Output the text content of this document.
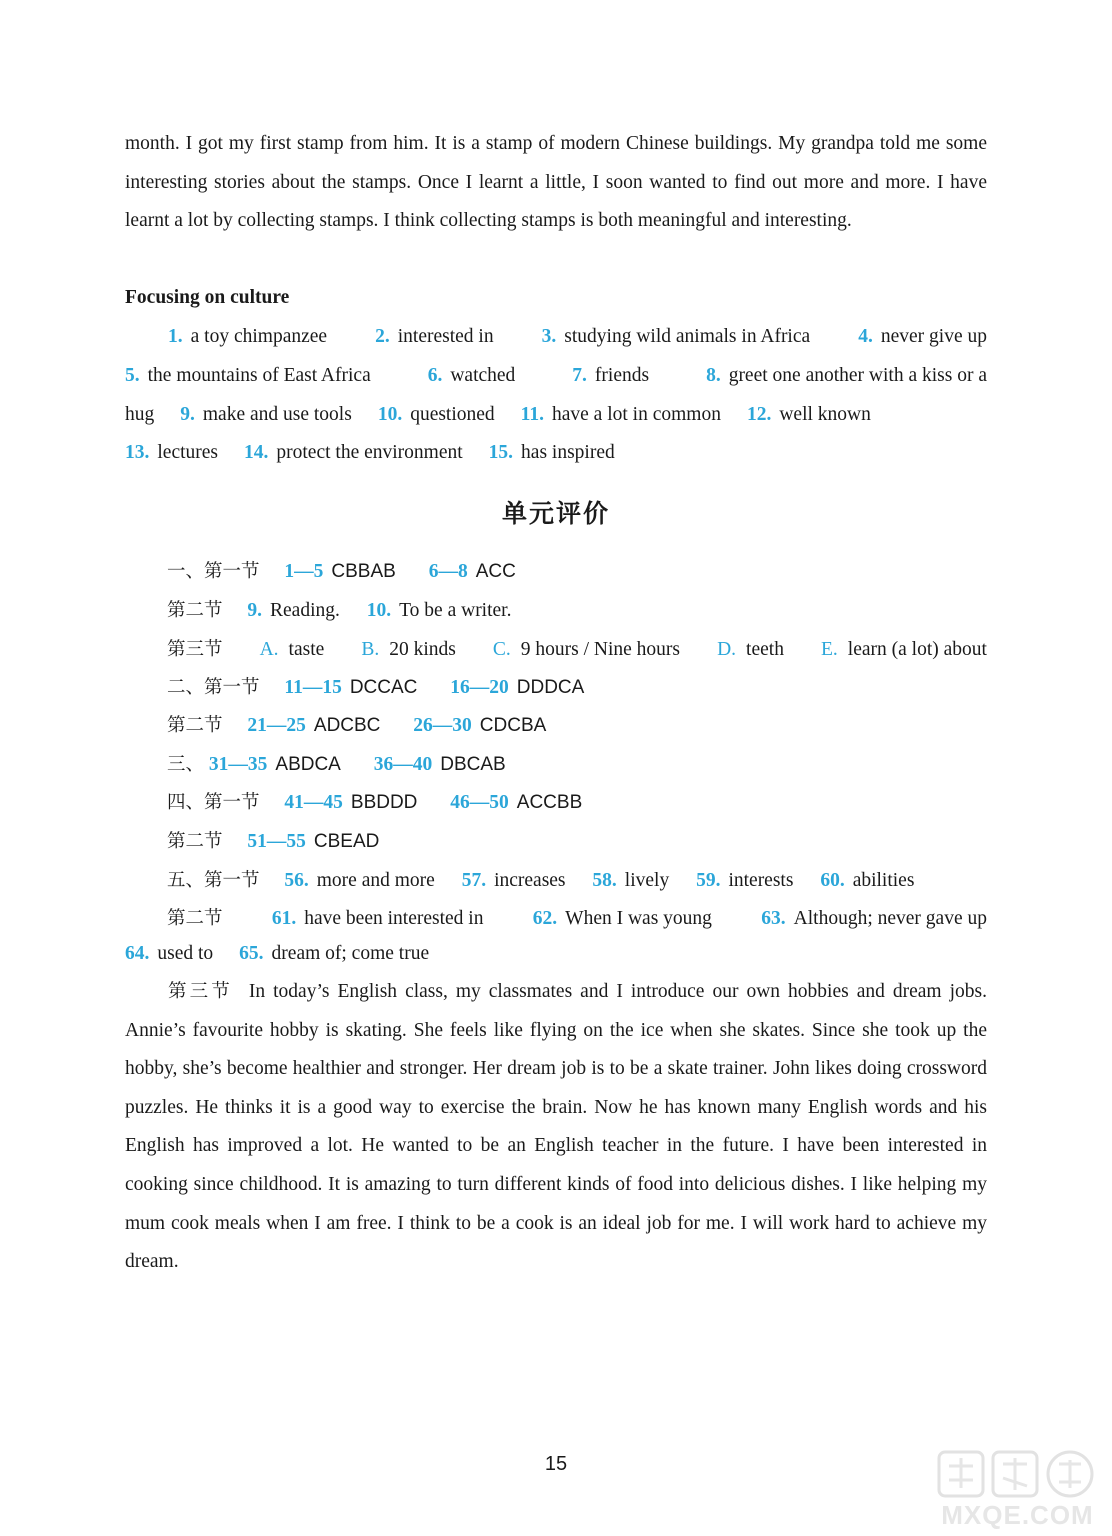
month. I got my first stamp from him. It is a stamp of modern Chinese buildings. My grandpa told me some interesting stories about the stamps. Once I learnt a little, I soon wanted to find out more and more. I have learnt a lot by collecting stamps. I think collecting stamps is both meaningful and interesting.

Focusing on culture
1. a toy chimpanzee 2. interested in 3. studying wild animals in Africa 4. never give up
5. the mountains of East Africa	6. watched	7. friends	8. greet one another with a kiss or a
hug 9. make and use tools 10. questioned 11. have a lot in common 12. well known
13. lectures 14. protect the environment 15. has inspired
单元评价
一、第一节 1—5 CBBAB 6—8 ACC
第二节 9. Reading. 10. To be a writer.
第三节 A. taste B. 20 kinds C. 9 hours / Nine hours D. teeth E. learn (a lot) about
二、第一节 11—15 DCCAC 16—20 DDDCA
第二节 21—25 ADCBC 26—30 CDCBA
三、 31—35 ABDCA 36—40 DBCAB
四、第一节 41—45 BBDDD 46—50 ACCBB
第二节 51—55 CBEAD
五、第一节 56. more and more 57. increases 58. lively 59. interests 60. abilities
第二节	61. have been interested in	62. When I was young	63. Although; never gave up
64. used to 65. dream of; come true

第三节 In today’s English class, my classmates and I introduce our own hobbies and dream jobs. Annie’s favourite hobby is skating. She feels like flying on the ice when she skates. Since she took up the hobby, she’s become healthier and stronger. Her dream job is to be a skate trainer. John likes doing crossword puzzles. He thinks it is a good way to exercise the brain. Now he has known many English words and his English has improved a lot. He wanted to be an English teacher in the future. I have been interested in cooking since childhood. It is amazing to turn different kinds of food into delicious dishes. I like helping my mum cook meals when I am free. I think to be a cook is an ideal job for me. I will work hard to achieve my dream.

15
MXQE.COM
